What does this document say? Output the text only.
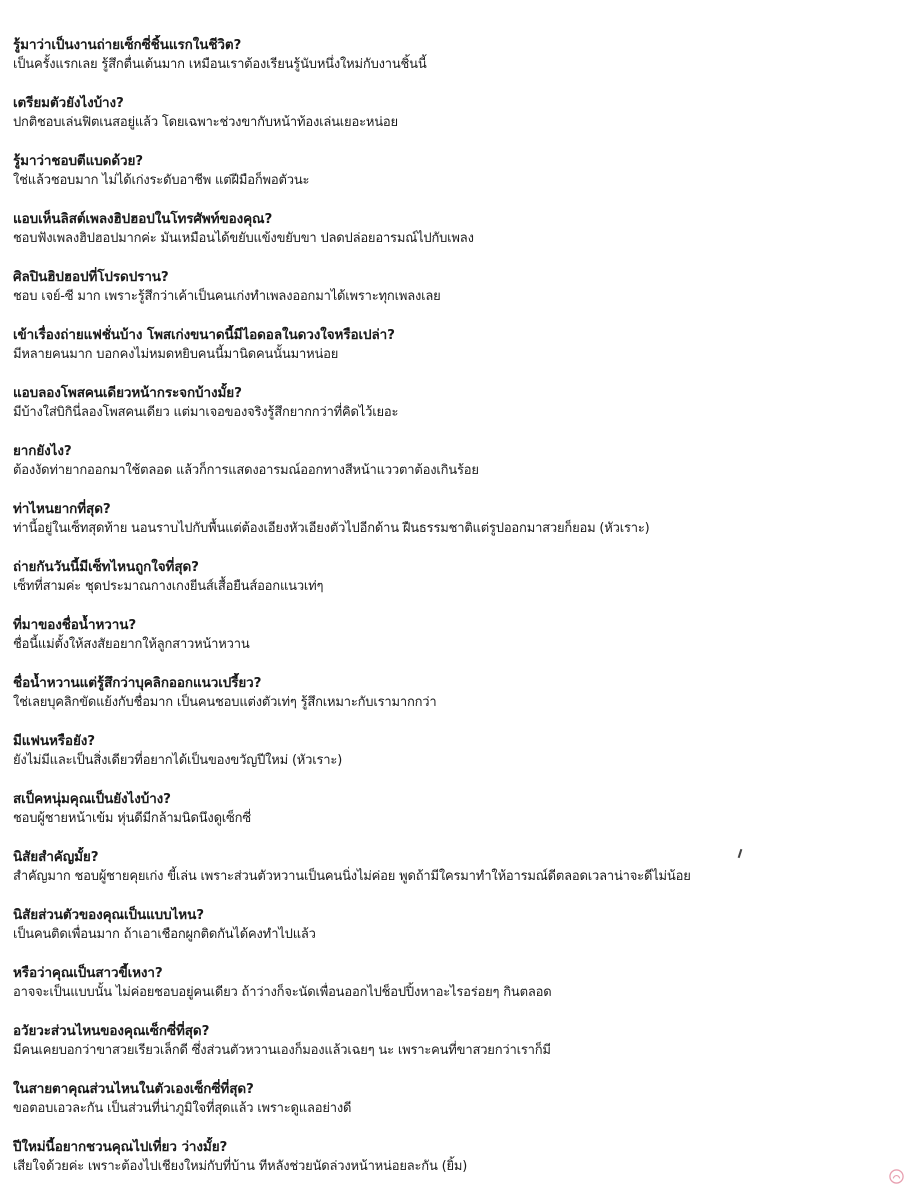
รู้มาว่าเป็นงานถ่ายเซ็กซี่ชิ้นแรกในชีวิต?
เป็นครั้งแรกเลย รู้สึกตื่นเต้นมาก เหมือนเราต้องเรียนรู้นับหนึ่งใหม่กับงานชิ้นนี้
เตรียมตัวยังไงบ้าง?
ปกติชอบเล่นฟิตเนสอยู่แล้ว โดยเฉพาะช่วงขากับหน้าท้องเล่นเยอะหน่อย
รู้มาว่าชอบตีแบดด้วย?
ใช่แล้วชอบมาก ไม่ได้เก่งระดับอาชีพ แต่ฝีมือก็พอตัวนะ
แอบเห็นลิสต์เพลงฮิปฮอปในโทรศัพท์ของคุณ?
ชอบฟังเพลงฮิปฮอปมากค่ะ มันเหมือนได้ขยับแข้งขยับขา ปลดปล่อยอารมณ์ไปกับเพลง
ศิลปินฮิปฮอปที่โปรดปราน?
ชอบ เจย์-ซี มาก เพราะรู้สึกว่าเค้าเป็นคนเก่งทำเพลงออกมาได้เพราะทุกเพลงเลย
เข้าเรื่องถ่ายแฟชั่นบ้าง โพสเก่งขนาดนี้มีไอดอลในดวงใจหรือเปล่า?
มีหลายคนมาก บอกคงไม่หมดหยิบคนนี้มานิดคนนั้นมาหน่อย
แอบลองโพสคนเดียวหน้ากระจกบ้างมั้ย?
มีบ้างใส่บิกินี่ลองโพสคนเดียว แต่มาเจอของจริงรู้สึกยากกว่าที่คิดไว้เยอะ
ยากยังไง?
ต้องงัดท่ายากออกมาใช้ตลอด แล้วก็การแสดงอารมณ์ออกทางสีหน้าแววตาต้องเกินร้อย
ท่าไหนยากที่สุด?
ท่านี้อยู่ในเซ็ทสุดท้าย นอนราบไปกับพื้นแต่ต้องเอียงหัวเอียงตัวไปอีกด้าน ฝืนธรรมชาติแต่รูปออกมาสวยก็ยอม (หัวเราะ)
ถ่ายกันวันนี้มีเซ็ทไหนถูกใจที่สุด?
เซ็ทที่สามค่ะ ชุดประมาณกางเกงยีนส์เสื้อยืนส์ออกแนวเท่ๆ
ที่มาของชื่อน้ำหวาน?
ชื่อนี้แม่ตั้งให้สงสัยอยากให้ลูกสาวหน้าหวาน
ชื่อน้ำหวานแต่รู้สึกว่าบุคลิกออกแนวเปรี้ยว?
ใช่เลยบุคลิกขัดแย้งกับชื่อมาก เป็นคนชอบแต่งตัวเท่ๆ รู้สึกเหมาะกับเรามากกว่า
มีแฟนหรือยัง?
ยังไม่มีและเป็นสิ่งเดียวที่อยากได้เป็นของขวัญปีใหม่ (หัวเราะ)
สเป็คหนุ่มคุณเป็นยังไงบ้าง?
ชอบผู้ชายหน้าเข้ม หุ่นดีมีกล้ามนิดนึงดูเซ็กซี่
นิสัยสำคัญมั้ย?
สำคัญมาก ชอบผู้ชายคุยเก่ง ขี้เล่น เพราะส่วนตัวหวานเป็นคนนิ่งไม่ค่อย พูดถ้ามีใครมาทำให้อารมณ์ดีตลอดเวลาน่าจะดีไม่น้อย
นิสัยส่วนตัวของคุณเป็นแบบไหน?
เป็นคนติดเพื่อนมาก ถ้าเอาเชือกผูกติดกันได้คงทำไปแล้ว
หรือว่าคุณเป็นสาวขี้เหงา?
อาจจะเป็นแบบนั้น ไม่ค่อยชอบอยู่คนเดียว ถ้าว่างก็จะนัดเพื่อนออกไปช็อปปิ้งหาอะไรอร่อยๆ กินตลอด
อวัยวะส่วนไหนของคุณเซ็กซี่ที่สุด?
มีคนเคยบอกว่าขาสวยเรียวเล็กดี ซึ่งส่วนตัวหวานเองก็มองแล้วเฉยๆ นะ เพราะคนที่ขาสวยกว่าเราก็มี
ในสายตาคุณส่วนไหนในตัวเองเซ็กซี่ที่สุด?
ขอตอบเอวละกัน เป็นส่วนที่น่าภูมิใจที่สุดแล้ว เพราะดูแลอย่างดี
ปีใหม่นี้อยากชวนคุณไปเที่ยว ว่างมั้ย?
เสียใจด้วยค่ะ เพราะต้องไปเชียงใหม่กับที่บ้าน ทีหลังช่วยนัดล่วงหน้าหน่อยละกัน (ยิ้ม)
